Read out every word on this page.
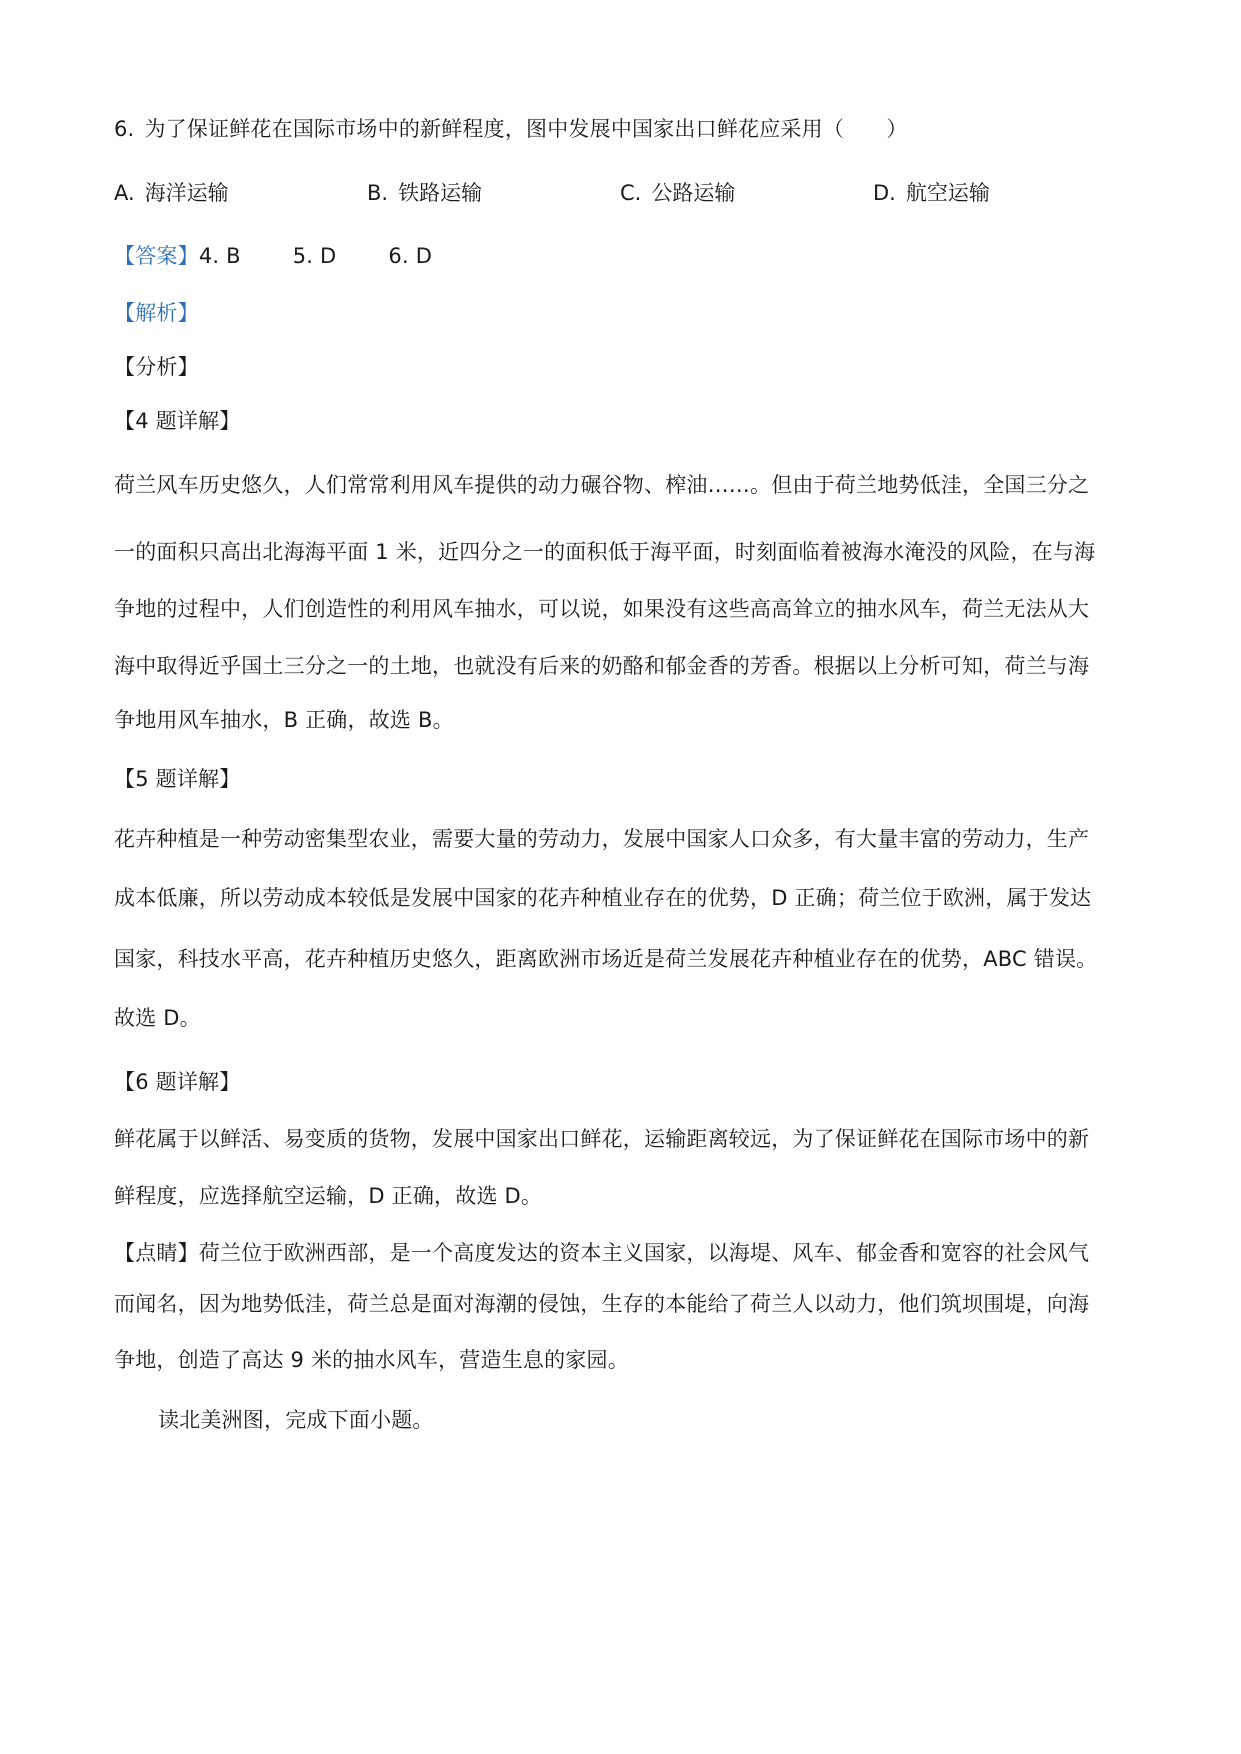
6. 为了保证鲜花在国际市场中的新鲜程度，图中发展中国家出口鲜花应采用（　　）
A. 海洋运输	B. 铁路运输	C. 公路运输	D. 航空运输
【答案】4. B 5. D 6. D
【解析】
【分析】
【4 题详解】
荷兰风车历史悠久，人们常常利用风车提供的动力碾谷物、榨油……。但由于荷兰地势低洼，全国三分之
一的面积只高出北海海平面 1 米，近四分之一的面积低于海平面，时刻面临着被海水淹没的风险，在与海
争地的过程中，人们创造性的利用风车抽水，可以说，如果没有这些高高耸立的抽水风车，荷兰无法从大
海中取得近乎国土三分之一的土地，也就没有后来的奶酪和郁金香的芳香。根据以上分析可知，荷兰与海
争地用风车抽水，B 正确，故选 B。
【5 题详解】
花卉种植是一种劳动密集型农业，需要大量的劳动力，发展中国家人口众多，有大量丰富的劳动力，生产
成本低廉，所以劳动成本较低是发展中国家的花卉种植业存在的优势，D 正确；荷兰位于欧洲，属于发达
国家，科技水平高，花卉种植历史悠久，距离欧洲市场近是荷兰发展花卉种植业存在的优势，ABC 错误。
故选 D。
【6 题详解】
鲜花属于以鲜活、易变质的货物，发展中国家出口鲜花，运输距离较远，为了保证鲜花在国际市场中的新
鲜程度，应选择航空运输，D 正确，故选 D。
【点睛】荷兰位于欧洲西部，是一个高度发达的资本主义国家，以海堤、风车、郁金香和宽容的社会风气
而闻名，因为地势低洼，荷兰总是面对海潮的侵蚀，生存的本能给了荷兰人以动力，他们筑坝围堤，向海
争地，创造了高达 9 米的抽水风车，营造生息的家园。
读北美洲图，完成下面小题。
